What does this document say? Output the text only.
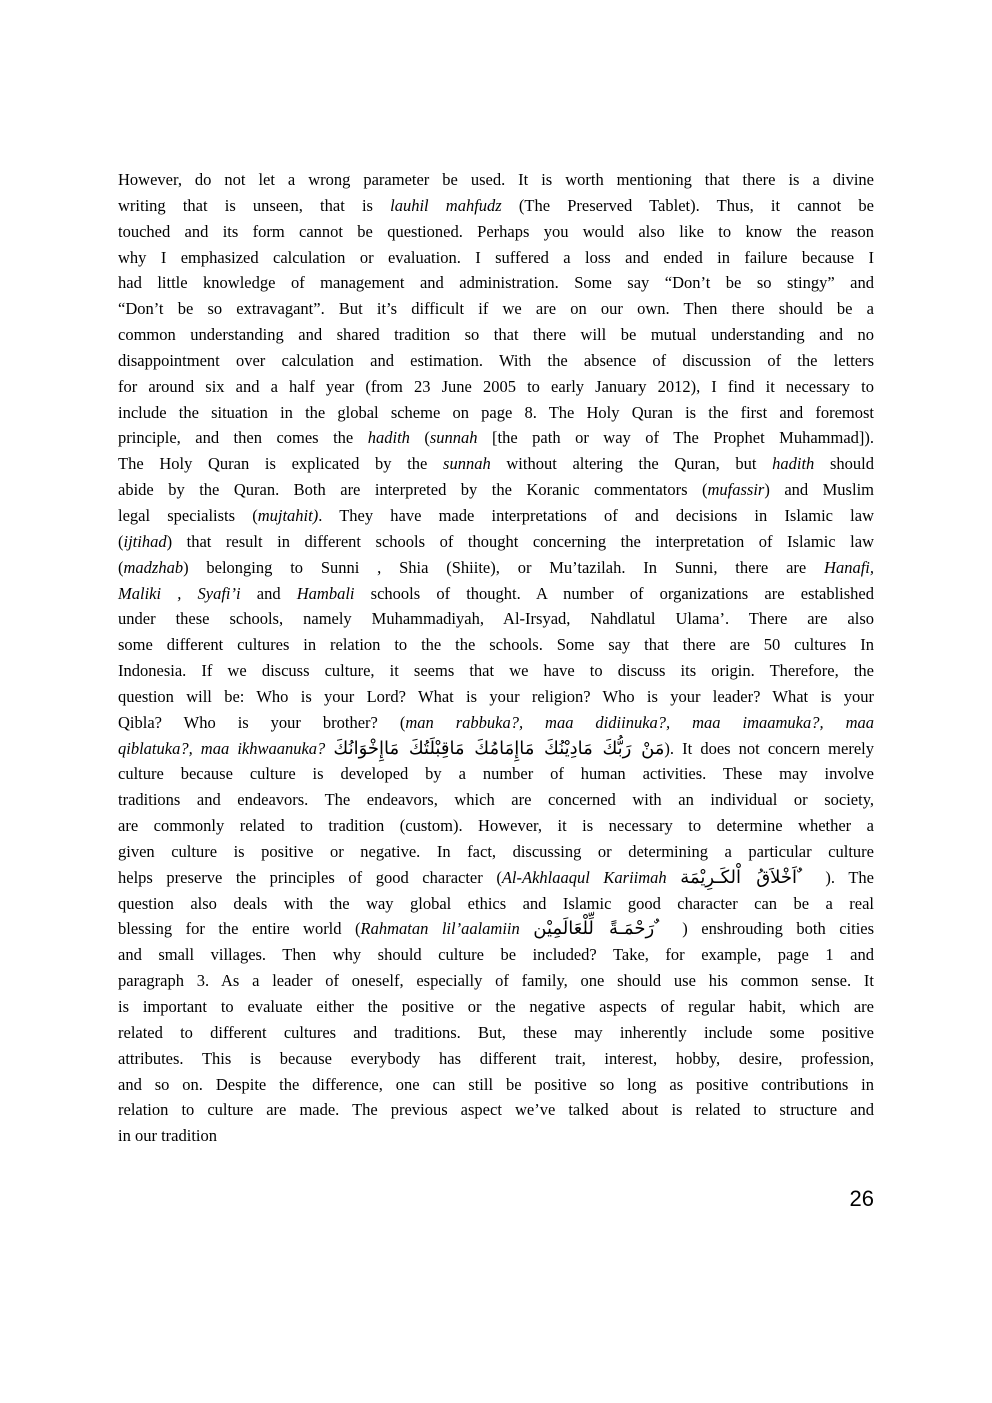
However, do not let a wrong parameter be used. It is worth mentioning that there is a divine
writing that is unseen, that is lauhil mahfudz (The Preserved Tablet). Thus, it cannot be
touched and its form cannot be questioned. Perhaps you would also like to know the reason
why I emphasized calculation or evaluation. I suffered a loss and ended in failure because I
had little knowledge of management and administration. Some say “Don’t be so stingy” and
“Don’t be so extravagant”. But it’s difficult if we are on our own. Then there should be a
common understanding and shared tradition so that there will be mutual understanding and no
disappointment over calculation and estimation. With the absence of discussion of the letters
for around six and a half year (from 23 June 2005 to early January 2012), I find it necessary to
include the situation in the global scheme on page 8. The Holy Quran is the first and foremost
principle, and then comes the hadith (sunnah [the path or way of The Prophet Muhammad]).
The Holy Quran is explicated by the sunnah without altering the Quran, but hadith should
abide by the Quran. Both are interpreted by the Koranic commentators (mufassir) and Muslim
legal specialists (mujtahit). They have made interpretations of and decisions in Islamic law
(ijtihad) that result in different schools of thought concerning the interpretation of Islamic law
(madzhab) belonging to Sunni , Shia (Shiite), or Mu’tazilah. In Sunni, there are Hanafi,
Maliki , Syafi’i and Hambali schools of thought. A number of organizations are established
under these schools, namely Muhammadiyah, Al-Irsyad, Nahdlatul Ulama’. There are also
some different cultures in relation to the the schools. Some say that there are 50 cultures In
Indonesia. If we discuss culture, it seems that we have to discuss its origin. Therefore, the
question will be: Who is your Lord? What is your religion? Who is your leader? What is your
Qibla? Who is your brother? (man rabbuka?, maa didiinuka?, maa imaamuka?, maa
qiblatuka?, maa ikhwaanuka? مَنْ رَبُّكَ مَادِيْنُكَ مَاإِمَامُكَ مَاقِبْلَتُكَ مَاإِخْوَانُكَ). It does not concern merely
culture because culture is developed by a number of human activities. These may involve
traditions and endeavors. The endeavors, which are concerned with an individual or society,
are commonly related to tradition (custom). However, it is necessary to determine whether a
given culture is positive or negative. In fact, discussing or determining a particular culture
helps preserve the principles of good character (Al-Akhlaaqul Kariimah اَخْلاَقُ اْلكَـرِيْمَة ٌ ). The
question also deals with the way global ethics and Islamic good character can be a real
blessing for the entire world (Rahmatan lil’aalamiin رَحْمَـةً لِّلْعَالَمِيْن ٌ ) enshrouding both cities
and small villages. Then why should culture be included? Take, for example, page 1 and
paragraph 3. As a leader of oneself, especially of family, one should use his common sense. It
is important to evaluate either the positive or the negative aspects of regular habit, which are
related to different cultures and traditions. But, these may inherently include some positive
attributes. This is because everybody has different trait, interest, hobby, desire, profession,
and so on. Despite the difference, one can still be positive so long as positive contributions in
relation to culture are made. The previous aspect we’ve talked about is related to structure and
in our tradition
26
